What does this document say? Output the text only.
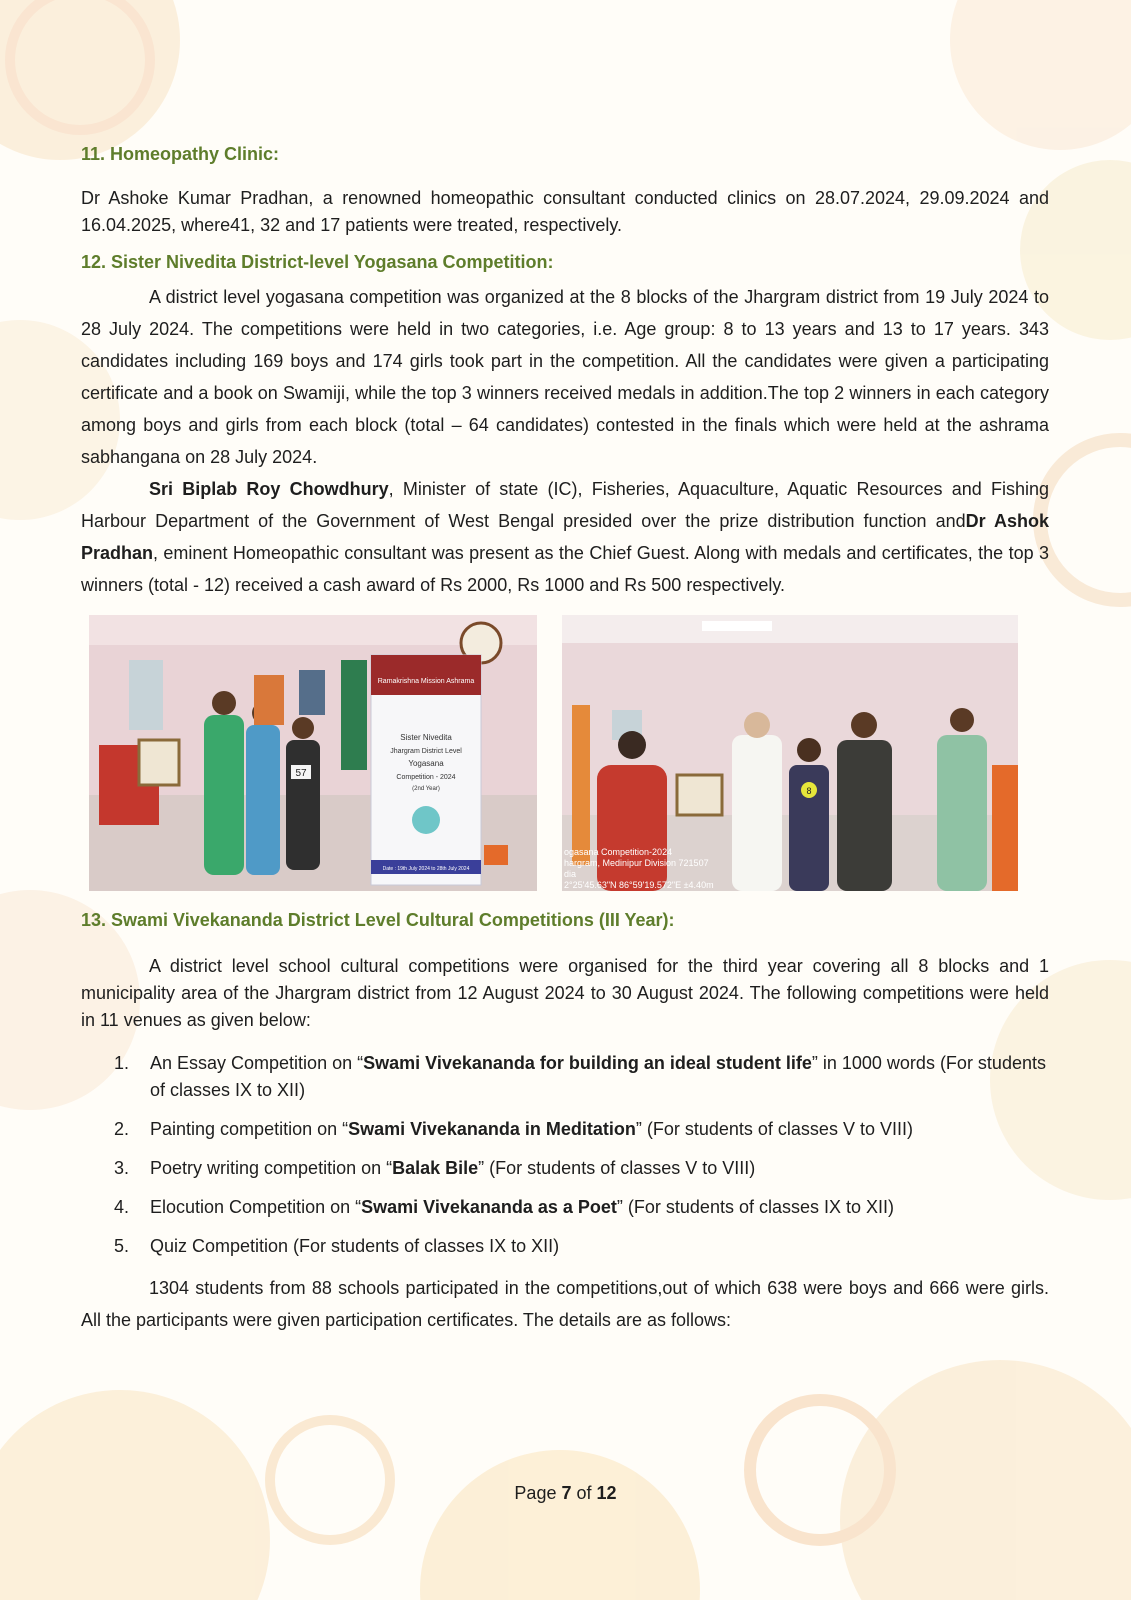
11. Homeopathy Clinic:

Dr Ashoke Kumar Pradhan, a renowned homeopathic consultant conducted clinics on 28.07.2024, 29.09.2024 and 16.04.2025, where41, 32 and 17 patients were treated, respectively.

12. Sister Nivedita District-level Yogasana Competition:

A district level yogasana competition was organized at the 8 blocks of the Jhargram district from 19 July 2024 to 28 July 2024. The competitions were held in two categories, i.e. Age group: 8 to 13 years and 13 to 17 years. 343 candidates including 169 boys and 174 girls took part in the competition. All the candidates were given a participating certificate and a book on Swamiji, while the top 3 winners received medals in addition.The top 2 winners in each category among boys and girls from each block (total – 64 candidates) contested in the finals which were held at the ashrama sabhangana on 28 July 2024.

Sri Biplab Roy Chowdhury, Minister of state (IC), Fisheries, Aquaculture, Aquatic Resources and Fishing Harbour Department of the Government of West Bengal presided over the prize distribution function andDr Ashok Pradhan, eminent Homeopathic consultant was present as the Chief Guest. Along with medals and certificates, the top 3 winners (total - 12) received a cash award of Rs 2000, Rs 1000 and Rs 500 respectively.

57
Ramakrishna Mission Ashrama
Sister Nivedita
Jhargram District Level
Yogasana
Competition - 2024
(2nd Year)
Date : 19th July 2024 to 28th July 2024
8
ogasana Competition-2024
hargram, Medinipur Division 721507
dia
2°25'45.63"N 86°59'19.572"E ±4.40m
13. Swami Vivekananda District Level Cultural Competitions (III Year):

A district level school cultural competitions were organised for the third year covering all 8 blocks and 1 municipality area of the Jhargram district from 12 August 2024 to 30 August 2024. The following competitions were held in 11 venues as given below:

1. An Essay Competition on “Swami Vivekananda for building an ideal student life” in 1000 words (For students of classes IX to XII)
2. Painting competition on “Swami Vivekananda in Meditation” (For students of classes V to VIII)
3. Poetry writing competition on “Balak Bile” (For students of classes V to VIII)
4. Elocution Competition on “Swami Vivekananda as a Poet” (For students of classes IX to XII)
5. Quiz Competition (For students of classes IX to XII)

1304 students from 88 schools participated in the competitions,out of which 638 were boys and 666 were girls. All the participants were given participation certificates. The details are as follows:

Page 7 of 12
